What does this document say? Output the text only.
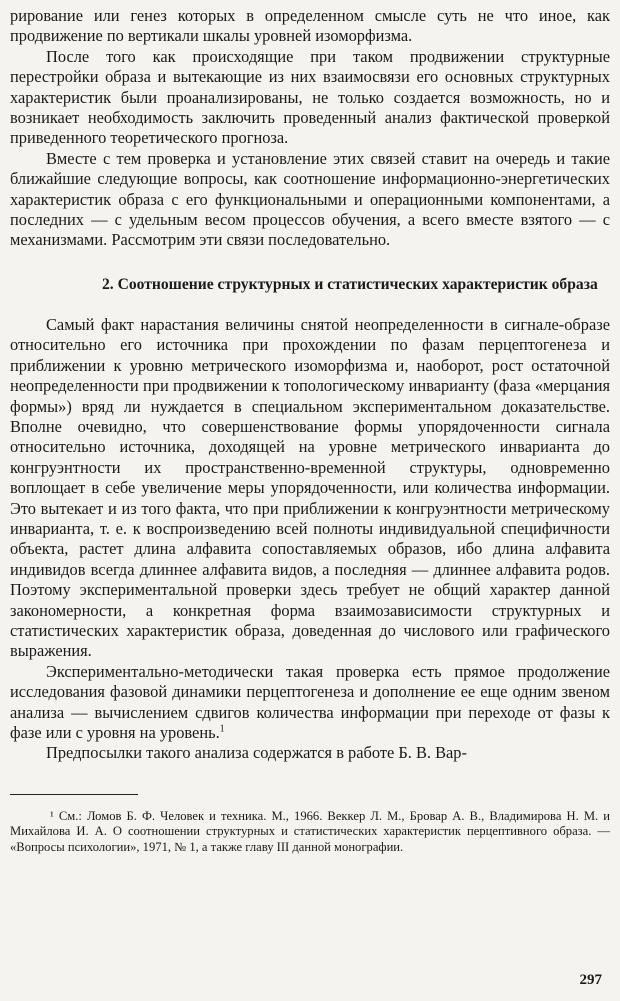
рирование или генез которых в определенном смысле суть не что иное, как продвижение по вертикали шкалы уровней изоморфизма.

После того как происходящие при таком продвижении структурные перестройки образа и вытекающие из них взаимосвязи его основных структурных характеристик были проанализированы, не только создается возможность, но и возникает необходимость заключить проведенный анализ фактической проверкой приведенного теоретического прогноза.

Вместе с тем проверка и установление этих связей ставит на очередь и такие ближайшие следующие вопросы, как соотношение информационно-энергетических характеристик образа с его функциональными и операционными компонентами, а последних — с удельным весом процессов обучения, а всего вместе взятого — с механизмами. Рассмотрим эти связи последовательно.

2. Соотношение структурных и статистических характеристик образа

Самый факт нарастания величины снятой неопределенности в сигнале-образе относительно его источника при прохождении по фазам перцептогенеза и приближении к уровню метрического изоморфизма и, наоборот, рост остаточной неопределенности при продвижении к топологическому инварианту (фаза «мерцания формы») вряд ли нуждается в специальном экспериментальном доказательстве. Вполне очевидно, что совершенствование формы упорядоченности сигнала относительно источника, доходящей на уровне метрического инварианта до конгруэнтности их пространственно-временной структуры, одновременно воплощает в себе увеличение меры упорядоченности, или количества информации. Это вытекает и из того факта, что при приближении к конгруэнтности метрическому инварианта, т. е. к воспроизведению всей полноты индивидуальной специфичности объекта, растет длина алфавита сопоставляемых образов, ибо длина алфавита индивидов всегда длиннее алфавита видов, а последняя — длиннее алфавита родов. Поэтому экспериментальной проверки здесь требует не общий характер данной закономерности, а конкретная форма взаимозависимости структурных и статистических характеристик образа, доведенная до числового или графического выражения.

Экспериментально-методически такая проверка есть прямое продолжение исследования фазовой динамики перцептогенеза и дополнение ее еще одним звеном анализа — вычислением сдвигов количества информации при переходе от фазы к фазе или с уровня на уровень.$^1$

Предпосылки такого анализа содержатся в работе Б. В. Вар-

¹ См.: Ломов Б. Ф. Человек и техника. М., 1966. Веккер Л. М., Бровар А. В., Владимирова Н. М. и Михайлова И. А. О соотношении структурных и статистических характеристик перцептивного образа. — «Вопросы психологии», 1971, № 1, а также главу III данной монографии.

297
